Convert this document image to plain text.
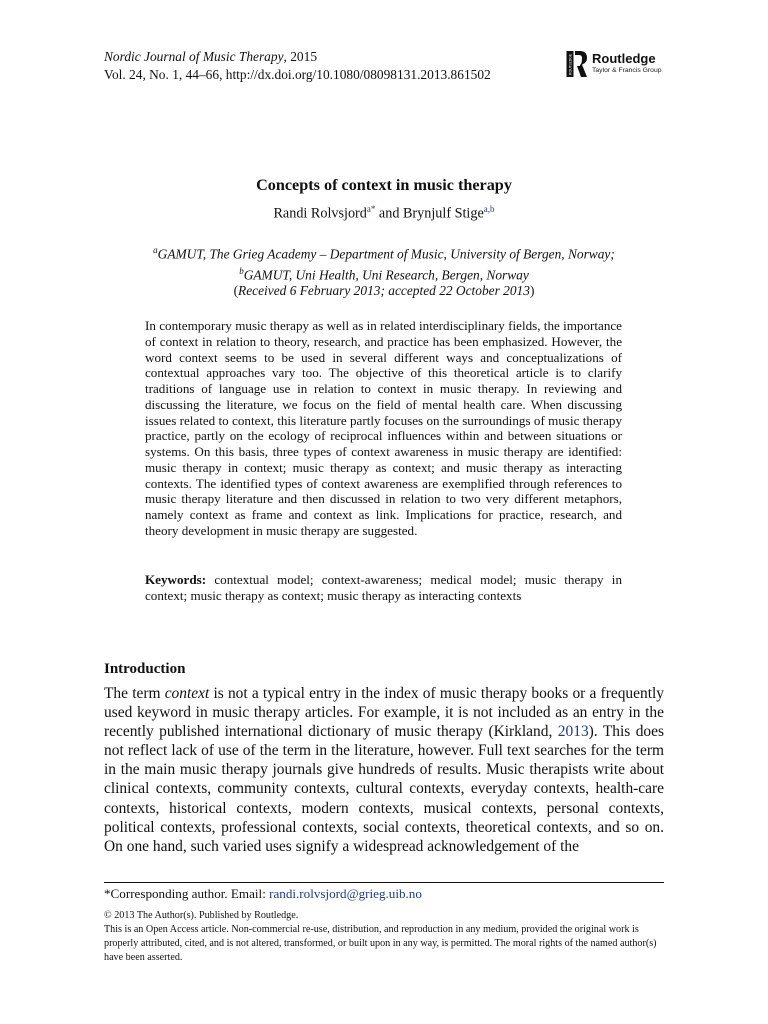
Nordic Journal of Music Therapy, 2015
Vol. 24, No. 1, 44–66, http://dx.doi.org/10.1080/08098131.2013.861502	ROUTLEDGE Routledge
Taylor & Francis Group
Concepts of context in music therapy
Randi Rolvsjord$^{a*}$ and Brynjulf Stige$^{a,b}$
$^a$GAMUT, The Grieg Academy – Department of Music, University of Bergen, Norway;
$^b$GAMUT, Uni Health, Uni Research, Bergen, Norway
(Received 6 February 2013; accepted 22 October 2013)
In contemporary music therapy as well as in related interdisciplinary fields, the importance of context in relation to theory, research, and practice has been emphasized. However, the word context seems to be used in several different ways and conceptualizations of contextual approaches vary too. The objective of this theoretical article is to clarify traditions of language use in relation to context in music therapy. In reviewing and discussing the literature, we focus on the field of mental health care. When discussing issues related to context, this literature partly focuses on the surroundings of music therapy practice, partly on the ecology of reciprocal influences within and between situations or systems. On this basis, three types of context awareness in music therapy are identified: music therapy in context; music therapy as context; and music therapy as interacting contexts. The identified types of context awareness are exemplified through references to music therapy literature and then discussed in relation to two very different metaphors, namely context as frame and context as link. Implications for practice, research, and theory development in music therapy are suggested.
Keywords: contextual model; context-awareness; medical model; music therapy in context; music therapy as context; music therapy as interacting contexts
Introduction
The term context is not a typical entry in the index of music therapy books or a frequently used keyword in music therapy articles. For example, it is not included as an entry in the recently published international dictionary of music therapy (Kirkland, 2013). This does not reflect lack of use of the term in the literature, however. Full text searches for the term in the main music therapy journals give hundreds of results. Music therapists write about clinical contexts, community contexts, cultural contexts, everyday contexts, health-care contexts, historical contexts, modern contexts, musical contexts, personal contexts, political contexts, professional contexts, social contexts, theoretical contexts, and so on. On one hand, such varied uses signify a widespread acknowledgement of the
*Corresponding author. Email: randi.rolvsjord@grieg.uib.no

© 2013 The Author(s). Published by Routledge.

This is an Open Access article. Non-commercial re-use, distribution, and reproduction in any medium, provided the original work is properly attributed, cited, and is not altered, transformed, or built upon in any way, is permitted. The moral rights of the named author(s) have been asserted.
